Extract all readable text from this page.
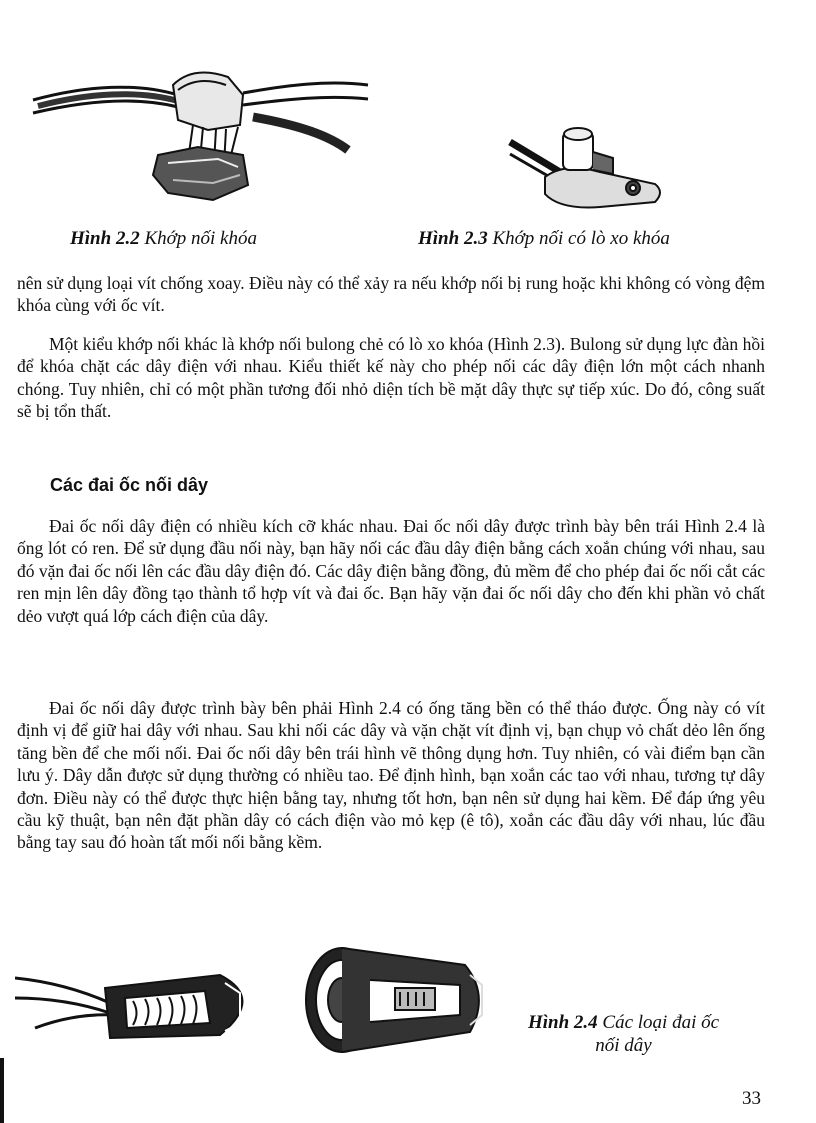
Hình 2.2 Khớp nối khóa	Hình 2.3 Khớp nối có lò xo khóa

nên sử dụng loại vít chống xoay. Điều này có thể xảy ra nếu khớp nối bị rung hoặc khi không có vòng đệm khóa cùng với ốc vít.

Một kiểu khớp nối khác là khớp nối bulong chẻ có lò xo khóa (Hình 2.3). Bulong sử dụng lực đàn hồi để khóa chặt các dây điện với nhau. Kiểu thiết kế này cho phép nối các dây điện lớn một cách nhanh chóng. Tuy nhiên, chỉ có một phần tương đối nhỏ diện tích bề mặt dây thực sự tiếp xúc. Do đó, công suất sẽ bị tổn thất.

Các đai ốc nối dây

Đai ốc nối dây điện có nhiều kích cỡ khác nhau. Đai ốc nối dây được trình bày bên trái Hình 2.4 là ống lót có ren. Để sử dụng đầu nối này, bạn hãy nối các đầu dây điện bằng cách xoắn chúng với nhau, sau đó vặn đai ốc nối lên các đầu dây điện đó. Các dây điện bằng đồng, đủ mềm để cho phép đai ốc nối cắt các ren mịn lên dây đồng tạo thành tổ hợp vít và đai ốc. Bạn hãy vặn đai ốc nối dây cho đến khi phần vỏ chất dẻo vượt quá lớp cách điện của dây.

Đai ốc nối dây được trình bày bên phải Hình 2.4 có ống tăng bền có thể tháo được. Ống này có vít định vị để giữ hai dây với nhau. Sau khi nối các dây và vặn chặt vít định vị, bạn chụp vỏ chất dẻo lên ống tăng bền để che mối nối. Đai ốc nối dây bên trái hình vẽ thông dụng hơn. Tuy nhiên, có vài điểm bạn cần lưu ý. Dây dẫn được sử dụng thường có nhiều tao. Để định hình, bạn xoắn các tao với nhau, tương tự dây đơn. Điều này có thể được thực hiện bằng tay, nhưng tốt hơn, bạn nên sử dụng hai kềm. Để đáp ứng yêu cầu kỹ thuật, bạn nên đặt phần dây có cách điện vào mỏ kẹp (ê tô), xoắn các đầu dây với nhau, lúc đầu bằng tay sau đó hoàn tất mối nối bằng kềm.

Hình 2.4 Các loại đai ốc
nối dây
33
